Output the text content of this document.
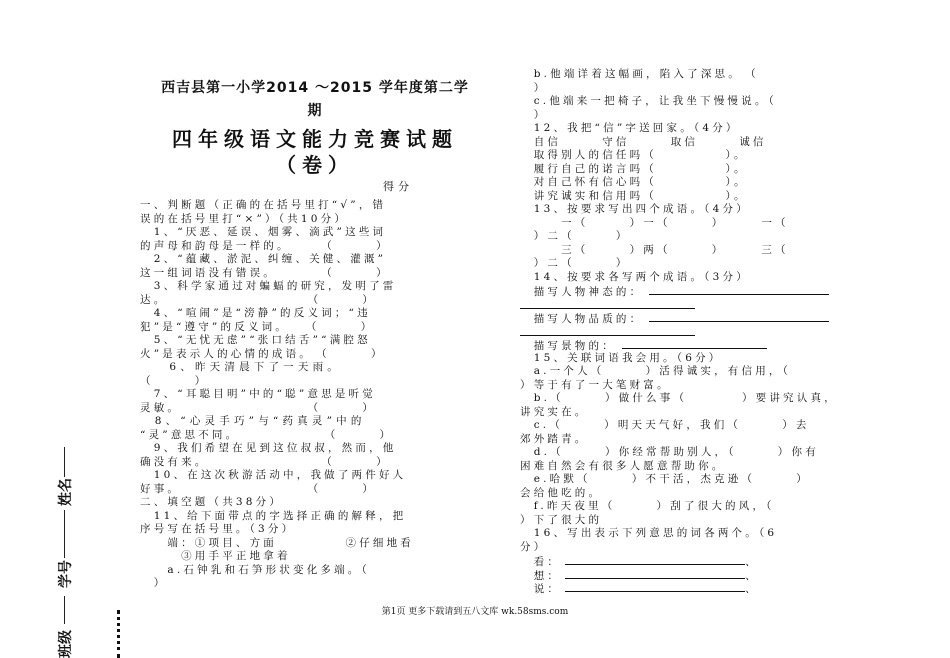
班级
学号
姓名
西吉县第一小学2014 ～2015 学年度第二学
期
四年级语文能力竞赛试题
（卷）
得分
一、判断题（正确的在括号里打“√”，错
误的在括号里打“×”）（共10分）
　1、“厌恶、延误、烟雾、滴武”这些词
的声母和韵母是一样的。　　　（　　　）
　2、“蕴藏、淤泥、纠缠、关健、灌溉”
这一组词语没有错误。　　　　（　　　）
　3、科学家通过对蝙蝠的研究，发明了雷
达。　　　　　　　　　　　（　　　）
　4、“喧闹”是“滂静”的反义词；“违
犯”是“遵守”的反义词。　　（　　　）
　5、“无忧无虑”“张口结舌”“满腔怒
火”是表示人的心情的成语。　（　　　）
　　6、昨天清晨下了一天雨。
（　　　）
　7、“耳聪目明”中的“聪”意思是听觉
灵敏。　　　　　　　　　　（　　　）
　8、“心灵手巧”与“药真灵”中的
“灵”意思不同。　　　　　　　（　　　）
　9、我们希望在见到这位叔叔，然而，他
确没有来。　　　　　　　　　（　　　）
　10、在这次秋游活动中，我做了两件好人
好事。　　　　　　　　　　（　　　）
二、填空题（共38分）
　11、给下面带点的字选择正确的解释，把
序号写在括号里。（3分）
　　端：①项目、方面　　　　　②仔细地看
　　　③用手平正地拿着
　　a.石钟乳和石笋形状变化多端。（
　）
　b.他端详着这幅画，陷入了深思。　（
　）
　c.他端来一把椅子，让我坐下慢慢说。（
　）
　12、我把“信”字送回家。（4分）
　自信　　　守信　　　取信　　　诚信
　取得别人的信任吗（　　　　　）。
　履行自己的诺言吗（　　　　　）。
　对自己怀有信心吗（　　　　　）。
　讲究诚实和信用吗（　　　　　）。
　13、按要求写出四个成语。（4分）
　　　一（　　　）一（　　　）　　　一（
　）二（　　　）
　　　三（　　　）两（　　　）　　　三（
　）二（　　　）
　14、按要求各写两个成语。（3分）
　描写人物神态的：
　描写人物品质的：
　描写景物的：
　15、关联词语我会用。（6分）
　a.一个人（　　　）活得诚实，有信用，（
）等于有了一大笔财富。
　b.（　　　）做什么事（　　　　）要讲究认真，
讲究实在。
　c.（　　　）明天天气好，我们（　　　）去
郊外踏青。
　d.（　　　）你经常帮助别人，（　　　）你有
困难自然会有很多人愿意帮助你。
　e.哈默（　　　）不干活，杰克逊（　　　）
会给他吃的。
　f.昨天夜里（　　　）刮了很大的风，（
）下了很大的
　16、写出表示下列意思的词各两个。（6
分）
　看：	、
　想：	、
　说：	、
第1页 更多下载请到五八文库 wk.58sms.com
